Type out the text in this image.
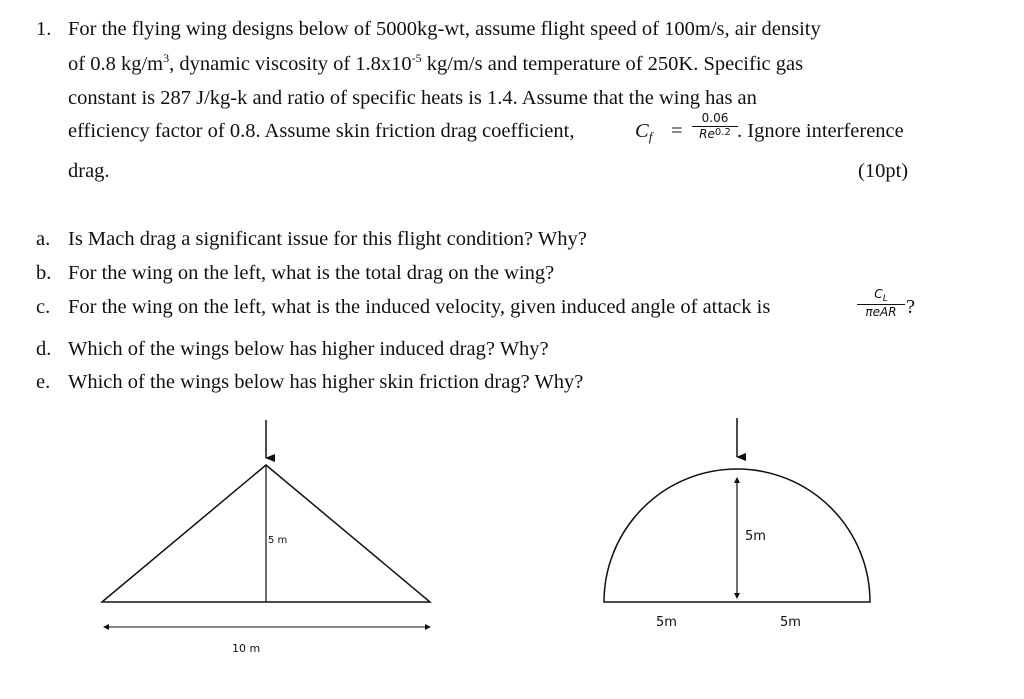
1. For the flying wing designs below of 5000kg-wt, assume flight speed of 100m/s, air density
of 0.8 $kg/m^3$, dynamic viscosity of $1.8x10^{-5}$ kg/m/s and temperature of 250K. Specific gas
constant is 287 J/kg-k and ratio of specific heats is 1.4. Assume that the wing has an
efficiency factor of 0.8. Assume skin friction drag coefficient,	Cf =
0.06
$Re^{0.2}$ . Ignore interference
drag.	(10pt)
a. Is Mach drag a significant issue for this flight condition? Why?
b. For the wing on the left, what is the total drag on the wing?
c. For the wing on the left, what is the induced velocity, given induced angle of attack is
$C_L$
πeAR ?
d. Which of the wings below has higher induced drag? Why?
e. Which of the wings below has higher skin friction drag? Why?
5 m
10 m
5m
5m	5m
